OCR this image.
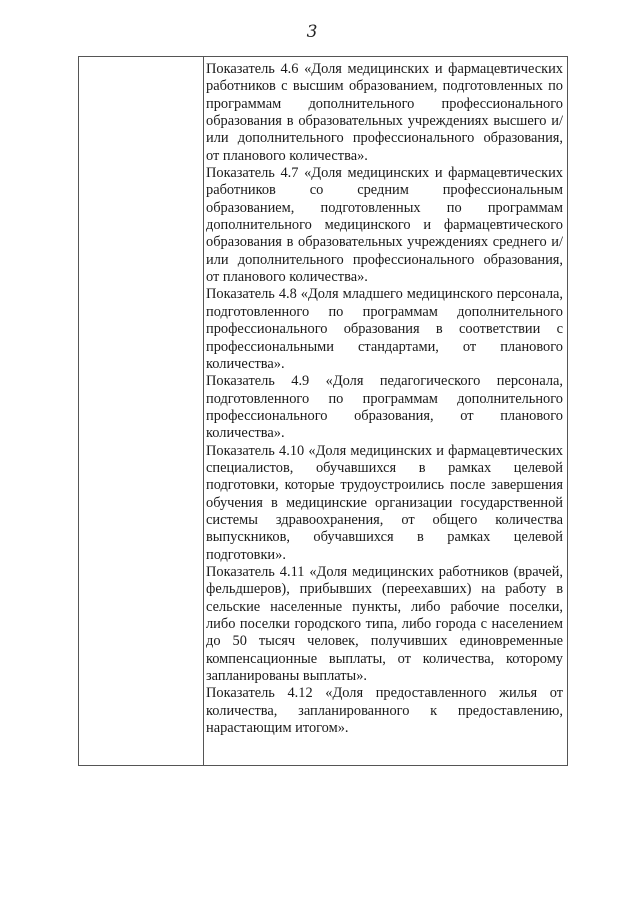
3

Показатель 4.6 «Доля медицинских и фармацевтических работников с высшим образованием, подготовленных по программам дополнительного профессионального образования в образовательных учреждениях высшего и/или дополнительного профессионального образования, от планового количества».

Показатель 4.7 «Доля медицинских и фармацевтических работников со средним профессиональным образованием, подготовленных по программам дополнительного медицинского и фармацевтического образования в образовательных учреждениях среднего и/или дополнительного профессионального образования, от планового количества».

Показатель 4.8 «Доля младшего медицинского персонала, подготовленного по программам дополнительного профессионального образования в соответствии с профессиональными стандартами, от планового количества».

Показатель 4.9 «Доля педагогического персонала, подготовленного по программам дополнительного профессионального образования, от планового количества».

Показатель 4.10 «Доля медицинских и фармацевтических специалистов, обучавшихся в рамках целевой подготовки, которые трудоустроились после завершения обучения в медицинские организации государственной системы здравоохранения, от общего количества выпускников, обучавшихся в рамках целевой подготовки».

Показатель 4.11 «Доля медицинских работников (врачей, фельдшеров), прибывших (переехавших) на работу в сельские населенные пункты, либо рабочие поселки, либо поселки городского типа, либо города с населением до 50 тысяч человек, получивших единовременные компенсационные выплаты, от количества, которому запланированы выплаты».

Показатель 4.12 «Доля предоставленного жилья от количества, запланированного к предоставлению, нарастающим итогом».
